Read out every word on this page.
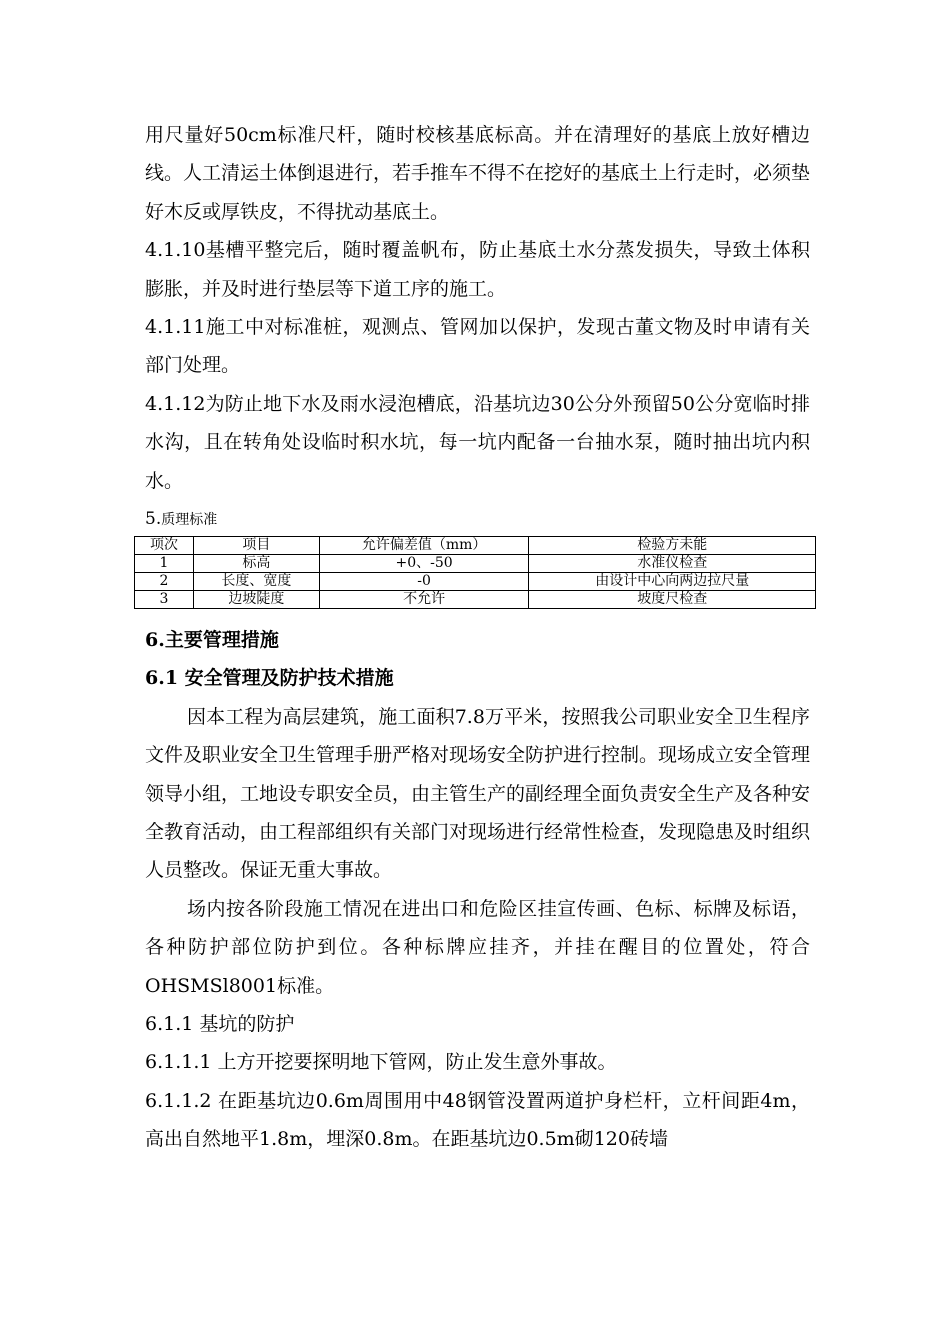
用尺量好50cm标准尺杆，随时校核基底标高。并在清理好的基底上放好槽边线。人工清运土体倒退进行，若手推车不得不在挖好的基底土上行走时，必须垫好木反或厚铁皮，不得扰动基底土。

4.1.10基槽平整完后，随时覆盖帆布，防止基底土水分蒸发损失，导致土体积膨胀，并及时进行垫层等下道工序的施工。

4.1.11施工中对标准桩，观测点、管网加以保护，发现古董文物及时申请有关部门处理。

4.1.12为防止地下水及雨水浸泡槽底，沿基坑边30公分外预留50公分宽临时排水沟，且在转角处设临时积水坑，每一坑内配备一台抽水泵，随时抽出坑内积水。

5.质理标准
项次	项目	允许偏差值（mm）	检验方未能
1	标高	+0、-50	水准仪检查
2	长度、宽度	-0	由设计中心向两边拉尺量
3	边坡陡度	不允许	坡度尺检查

6.主要管理措施

6.1 安全管理及防护技术措施

因本工程为高层建筑，施工面积7.8万平米，按照我公司职业安全卫生程序文件及职业安全卫生管理手册严格对现场安全防护进行控制。现场成立安全管理领导小组，工地设专职安全员，由主管生产的副经理全面负责安全生产及各种安全教育活动，由工程部组织有关部门对现场进行经常性检查，发现隐患及时组织人员整改。保证无重大事故。

场内按各阶段施工情况在进出口和危险区挂宣传画、色标、标牌及标语，各种防护部位防护到位。各种标牌应挂齐，并挂在醒目的位置处，符合OHSMSl8001标准。

6.1.1 基坑的防护

6.1.1.1 上方开挖要探明地下管网，防止发生意外事故。

6.1.1.2 在距基坑边0.6m周围用中48钢管没置两道护身栏杆，立杆间距4m，高出自然地平1.8m，埋深0.8m。在距基坑边0.5m砌120砖墙
